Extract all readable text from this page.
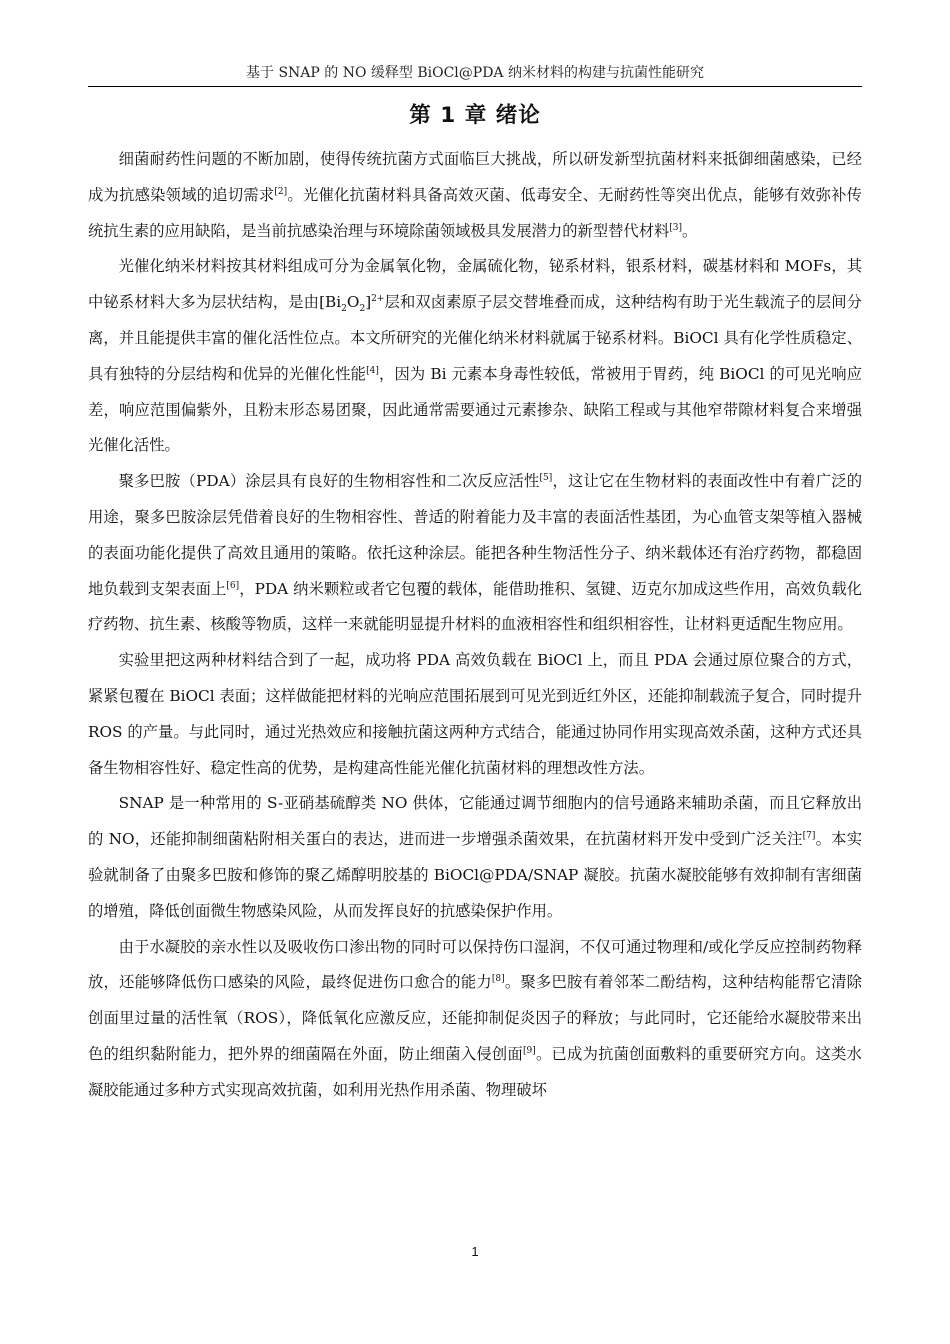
基于 SNAP 的 NO 缓释型 BiOCl@PDA 纳米材料的构建与抗菌性能研究
第 1 章 绪论

细菌耐药性问题的不断加剧，使得传统抗菌方式面临巨大挑战，所以研发新型抗菌材料来抵御细菌感染，已经成为抗感染领域的追切需求[2]。光催化抗菌材料具备高效灭菌、低毒安全、无耐药性等突出优点，能够有效弥补传统抗生素的应用缺陷，是当前抗感染治理与环境除菌领域极具发展潜力的新型替代材料[3]。

光催化纳米材料按其材料组成可分为金属氧化物，金属硫化物，铋系材料，银系材料，碳基材料和 MOFs，其中铋系材料大多为层状结构，是由$[Bi_2O_2]^{2+}$层和双卤素原子层交替堆叠而成，这种结构有助于光生载流子的层间分离，并且能提供丰富的催化活性位点。本文所研究的光催化纳米材料就属于铋系材料。BiOCl 具有化学性质稳定、具有独特的分层结构和优异的光催化性能[4]，因为 Bi 元素本身毒性较低，常被用于胃药，纯 BiOCl 的可见光响应差，响应范围偏紫外，且粉末形态易团聚，因此通常需要通过元素掺杂、缺陷工程或与其他窄带隙材料复合来增强光催化活性。

聚多巴胺（PDA）涂层具有良好的生物相容性和二次反应活性[5]，这让它在生物材料的表面改性中有着广泛的用途，聚多巴胺涂层凭借着良好的生物相容性、普适的附着能力及丰富的表面活性基团，为心血管支架等植入器械的表面功能化提供了高效且通用的策略。依托这种涂层。能把各种生物活性分子、纳米载体还有治疗药物，都稳固地负载到支架表面上[6]，PDA 纳米颗粒或者它包覆的载体，能借助推积、氢键、迈克尔加成这些作用，高效负载化疗药物、抗生素、核酸等物质，这样一来就能明显提升材料的血液相容性和组织相容性，让材料更适配生物应用。

实验里把这两种材料结合到了一起，成功将 PDA 高效负载在 BiOCl 上，而且 PDA 会通过原位聚合的方式，紧紧包覆在 BiOCl 表面；这样做能把材料的光响应范围拓展到可见光到近红外区，还能抑制载流子复合，同时提升 ROS 的产量。与此同时，通过光热效应和接触抗菌这两种方式结合，能通过协同作用实现高效杀菌，这种方式还具备生物相容性好、稳定性高的优势，是构建高性能光催化抗菌材料的理想改性方法。

SNAP 是一种常用的 S-亚硝基硫醇类 NO 供体，它能通过调节细胞内的信号通路来辅助杀菌，而且它释放出的 NO，还能抑制细菌粘附相关蛋白的表达，进而进一步增强杀菌效果，在抗菌材料开发中受到广泛关注[7]。本实验就制备了由聚多巴胺和修饰的聚乙烯醇明胶基的 BiOCl@PDA/SNAP 凝胶。抗菌水凝胶能够有效抑制有害细菌的增殖，降低创面微生物感染风险，从而发挥良好的抗感染保护作用。

由于水凝胶的亲水性以及吸收伤口渗出物的同时可以保持伤口湿润，不仅可通过物理和/或化学反应控制药物释放，还能够降低伤口感染的风险，最终促进伤口愈合的能力[8]。聚多巴胺有着邻苯二酚结构，这种结构能帮它清除创面里过量的活性氧（ROS），降低氧化应激反应，还能抑制促炎因子的释放；与此同时，它还能给水凝胶带来出色的组织黏附能力，把外界的细菌隔在外面，防止细菌入侵创面[9]。已成为抗菌创面敷料的重要研究方向。这类水凝胶能通过多种方式实现高效抗菌，如利用光热作用杀菌、物理破坏

1
